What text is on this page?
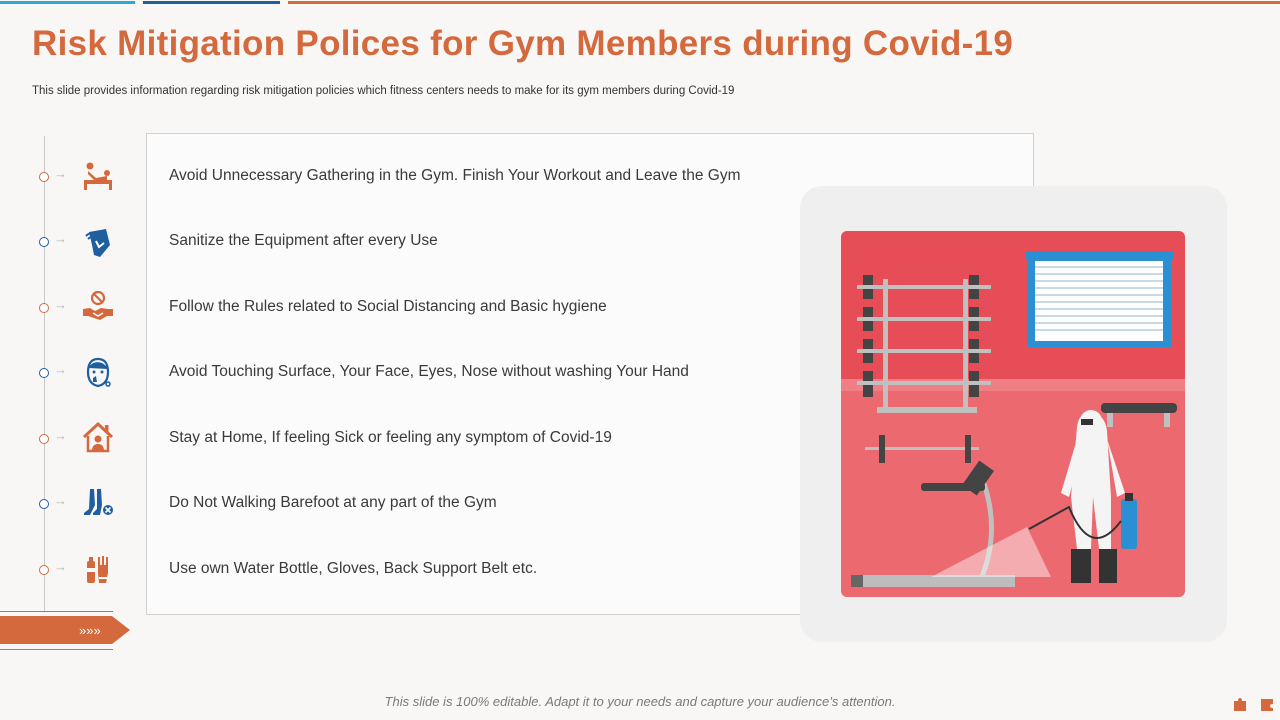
Risk Mitigation Polices for Gym Members during Covid-19
This slide provides information regarding risk mitigation policies which fitness centers needs to make for its gym members during Covid-19
→	Avoid Unnecessary Gathering in the Gym. Finish Your Workout and Leave the Gym
→	Sanitize the Equipment after every Use
→	Follow the Rules related to Social Distancing and Basic hygiene
→	Avoid Touching Surface, Your Face, Eyes, Nose without washing Your Hand
→	Stay at Home, If feeling Sick or feeling any symptom of Covid-19
→	Do Not Walking Barefoot at any part of the Gym
→	Use own Water Bottle, Gloves, Back Support Belt etc.
»»»
This slide is 100% editable. Adapt it to your needs and capture your audience’s attention.
